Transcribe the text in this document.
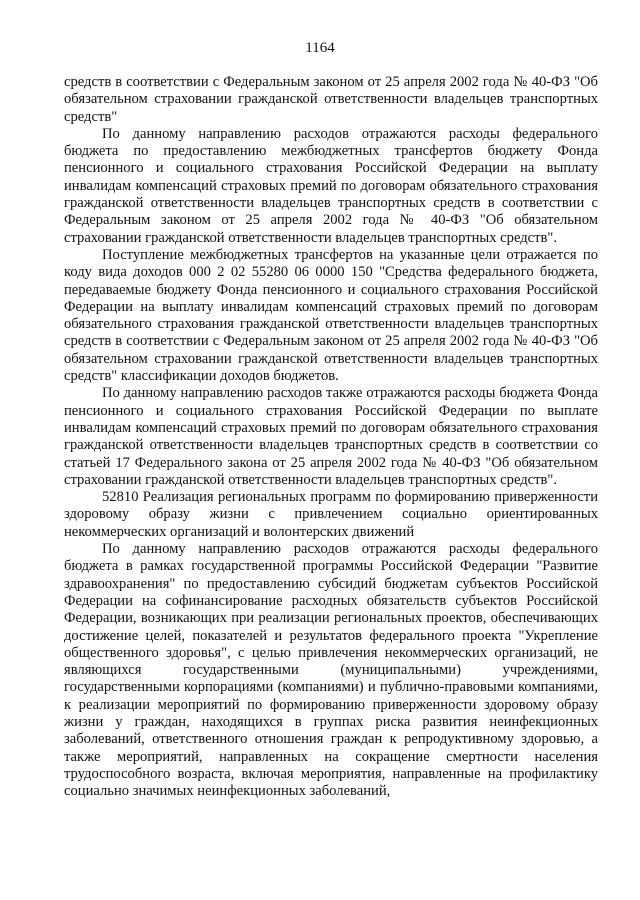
1164

средств в соответствии с Федеральным законом от 25 апреля 2002 года № 40-ФЗ "Об обязательном страховании гражданской ответственности владельцев транспортных средств"

По данному направлению расходов отражаются расходы федерального бюджета по предоставлению межбюджетных трансфертов бюджету Фонда пенсионного и социального страхования Российской Федерации на выплату инвалидам компенсаций страховых премий по договорам обязательного страхования гражданской ответственности владельцев транспортных средств в соответствии с Федеральным законом от 25 апреля 2002 года № 40-ФЗ "Об обязательном страховании гражданской ответственности владельцев транспортных средств".

Поступление межбюджетных трансфертов на указанные цели отражается по коду вида доходов 000 2 02 55280 06 0000 150 "Средства федерального бюджета, передаваемые бюджету Фонда пенсионного и социального страхования Российской Федерации на выплату инвалидам компенсаций страховых премий по договорам обязательного страхования гражданской ответственности владельцев транспортных средств в соответствии с Федеральным законом от 25 апреля 2002 года № 40-ФЗ "Об обязательном страховании гражданской ответственности владельцев транспортных средств" классификации доходов бюджетов.

По данному направлению расходов также отражаются расходы бюджета Фонда пенсионного и социального страхования Российской Федерации по выплате инвалидам компенсаций страховых премий по договорам обязательного страхования гражданской ответственности владельцев транспортных средств в соответствии со статьей 17 Федерального закона от 25 апреля 2002 года № 40-ФЗ "Об обязательном страховании гражданской ответственности владельцев транспортных средств".

52810 Реализация региональных программ по формированию приверженности здоровому образу жизни с привлечением социально ориентированных некоммерческих организаций и волонтерских движений

По данному направлению расходов отражаются расходы федерального бюджета в рамках государственной программы Российской Федерации "Развитие здравоохранения" по предоставлению субсидий бюджетам субъектов Российской Федерации на софинансирование расходных обязательств субъектов Российской Федерации, возникающих при реализации региональных проектов, обеспечивающих достижение целей, показателей и результатов федерального проекта "Укрепление общественного здоровья", с целью привлечения некоммерческих организаций, не являющихся государственными (муниципальными) учреждениями, государственными корпорациями (компаниями) и публично-правовыми компаниями, к реализации мероприятий по формированию приверженности здоровому образу жизни у граждан, находящихся в группах риска развития неинфекционных заболеваний, ответственного отношения граждан к репродуктивному здоровью, а также мероприятий, направленных на сокращение смертности населения трудоспособного возраста, включая мероприятия, направленные на профилактику социально значимых неинфекционных заболеваний,
